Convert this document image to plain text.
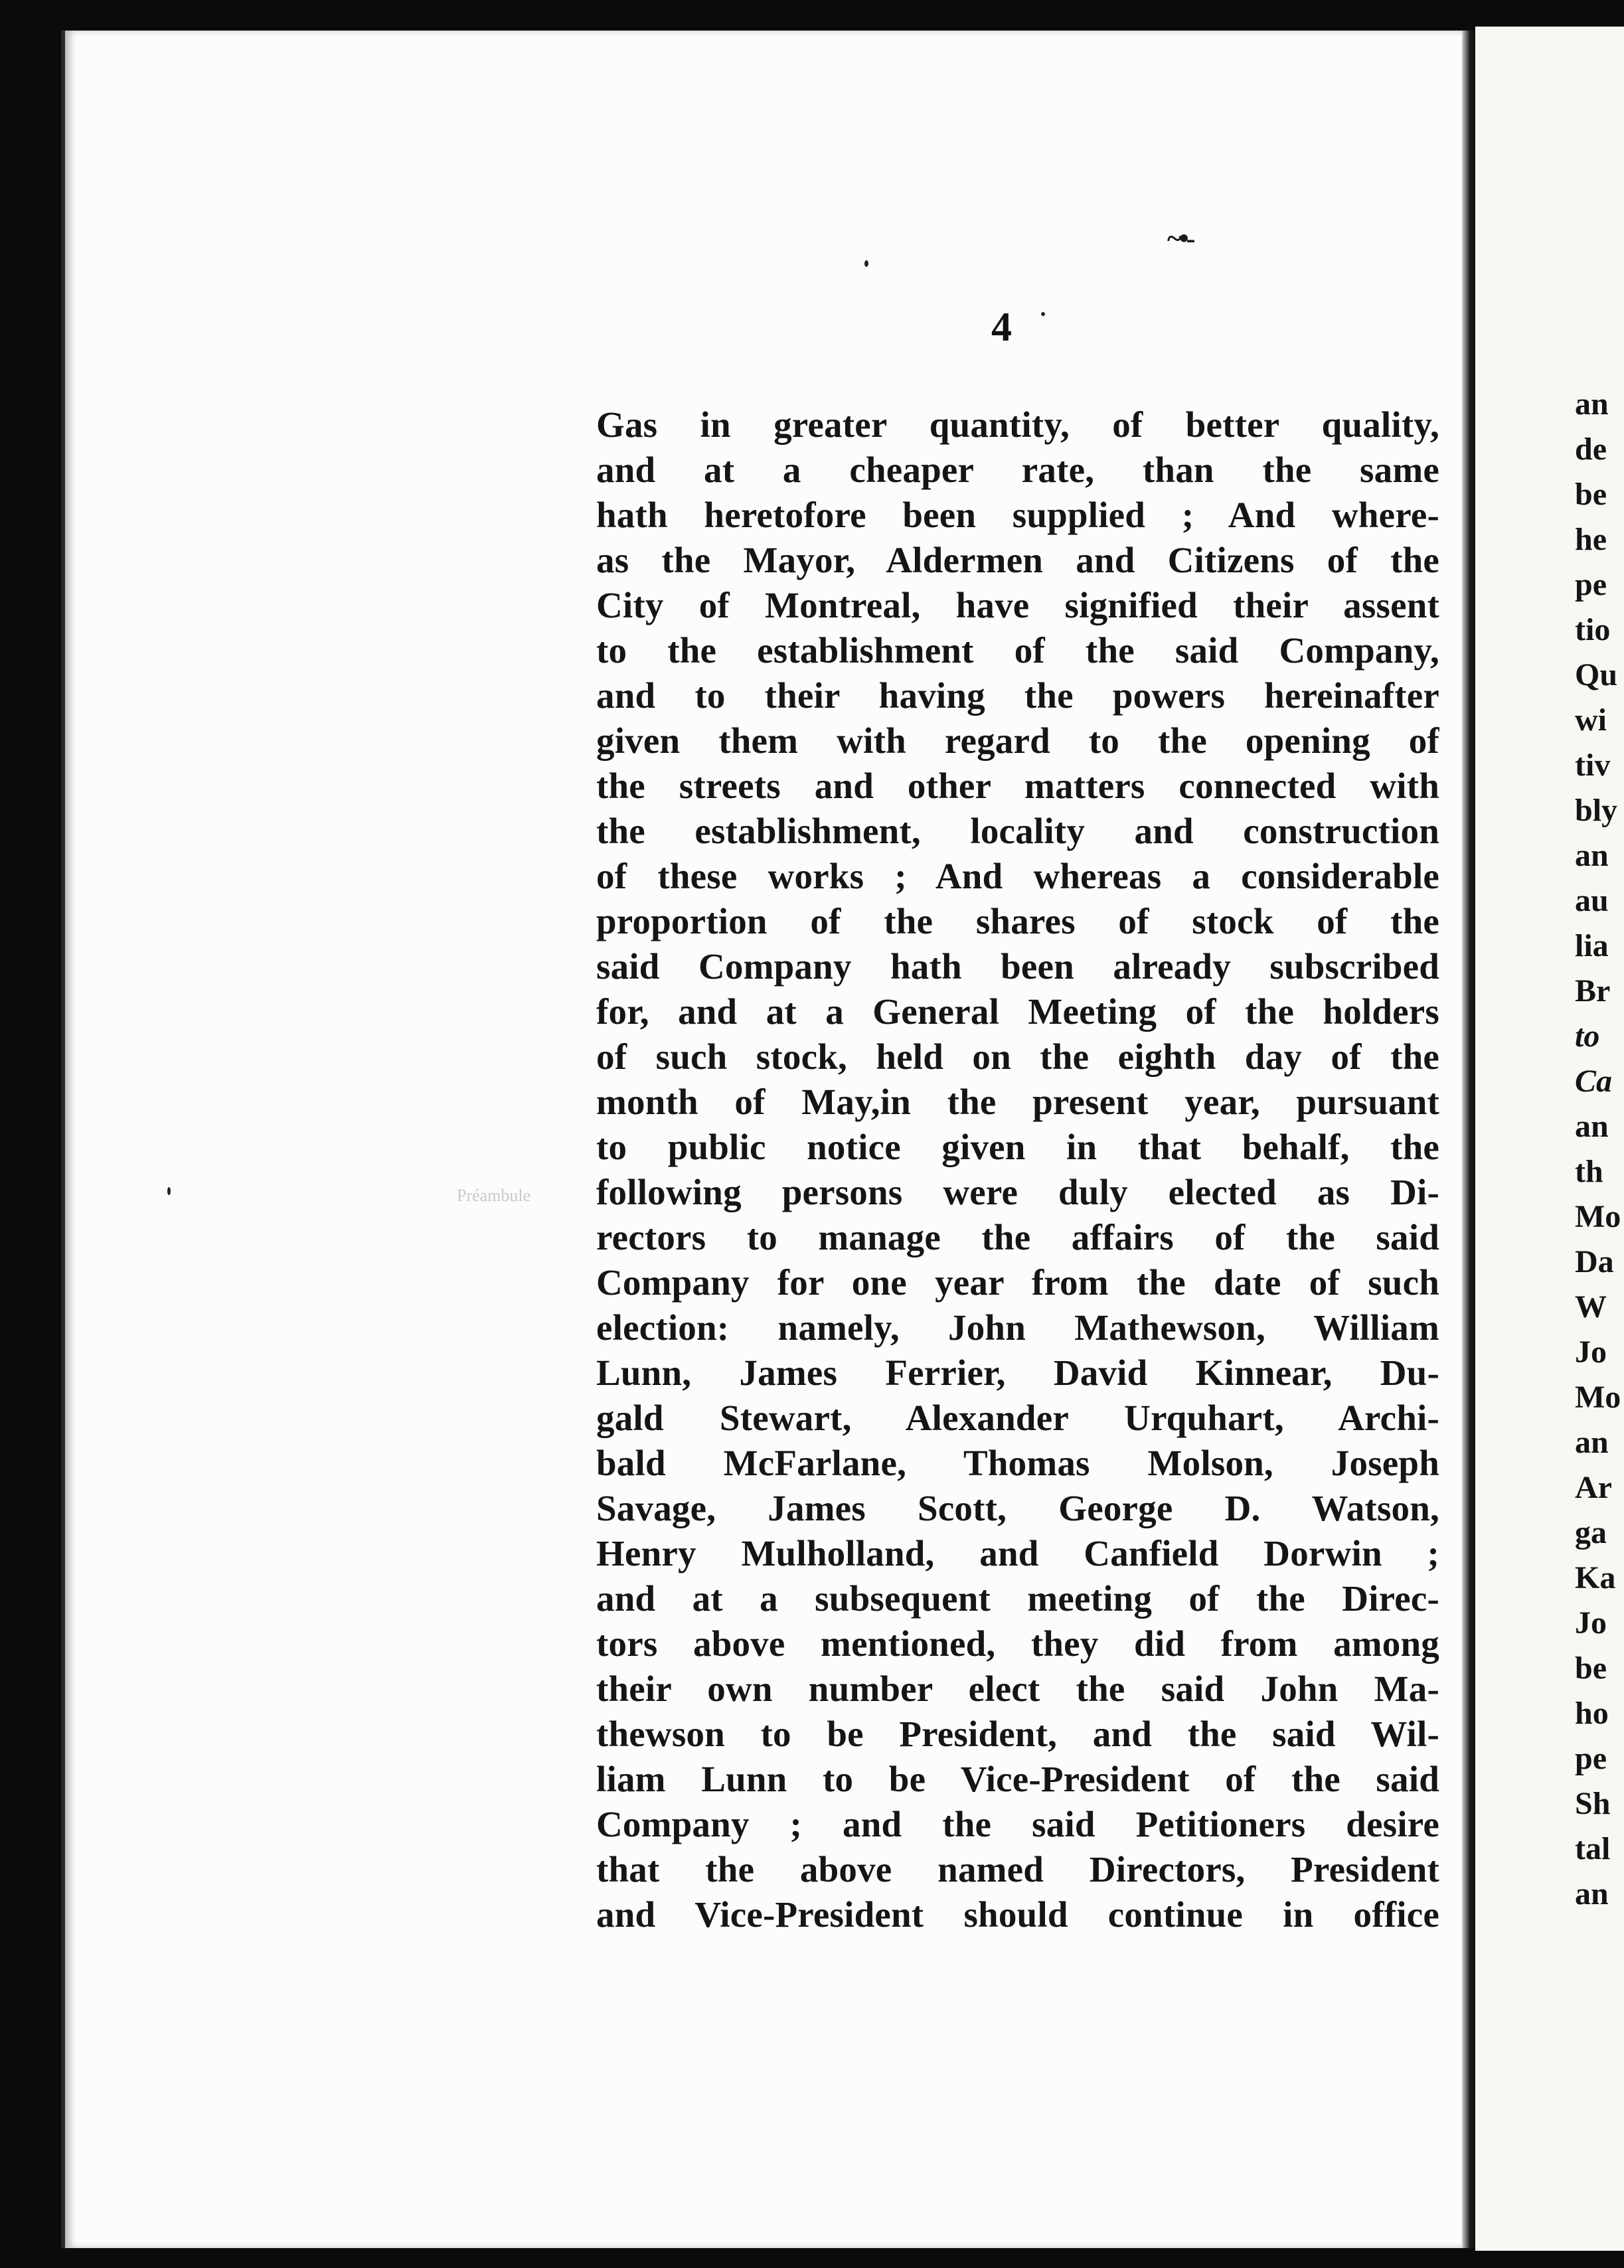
~•-
4
Préambule
Gas in greater quantity, of better quality,
and at a cheaper rate, than the same
hath heretofore been supplied ; And where-
as the Mayor, Aldermen and Citizens of the
City of Montreal, have signified their assent
to the establishment of the said Company,
and to their having the powers hereinafter
given them with regard to the opening of
the streets and other matters connected with
the establishment, locality and construction
of these works ; And whereas a considerable
proportion of the shares of stock of the
said Company hath been already subscribed
for, and at a General Meeting of the holders
of such stock, held on the eighth day of the
month of May,in the present year, pursuant
to public notice given in that behalf, the
following persons were duly elected as Di-
rectors to manage the affairs of the said
Company for one year from the date of such
election: namely, John Mathewson, William
Lunn, James Ferrier, David Kinnear, Du-
gald Stewart, Alexander Urquhart, Archi-
bald McFarlane, Thomas Molson, Joseph
Savage, James Scott, George D. Watson,
Henry Mulholland, and Canfield Dorwin ;
and at a subsequent meeting of the Direc-
tors above mentioned, they did from among
their own number elect the said John Ma-
thewson to be President, and the said Wil-
liam Lunn to be Vice-President of the said
Company ; and the said Petitioners desire
that the above named Directors, President
and Vice-President should continue in office
an
de
be
he
pe
tio
Qu
wi
tiv
bly
an
au
lia
Br
to
Ca
an
th
Mo
Da
W
Jo
Mo
an
Ar
ga
Ka
Jo
be
ho
pe
Sh
tal
an
